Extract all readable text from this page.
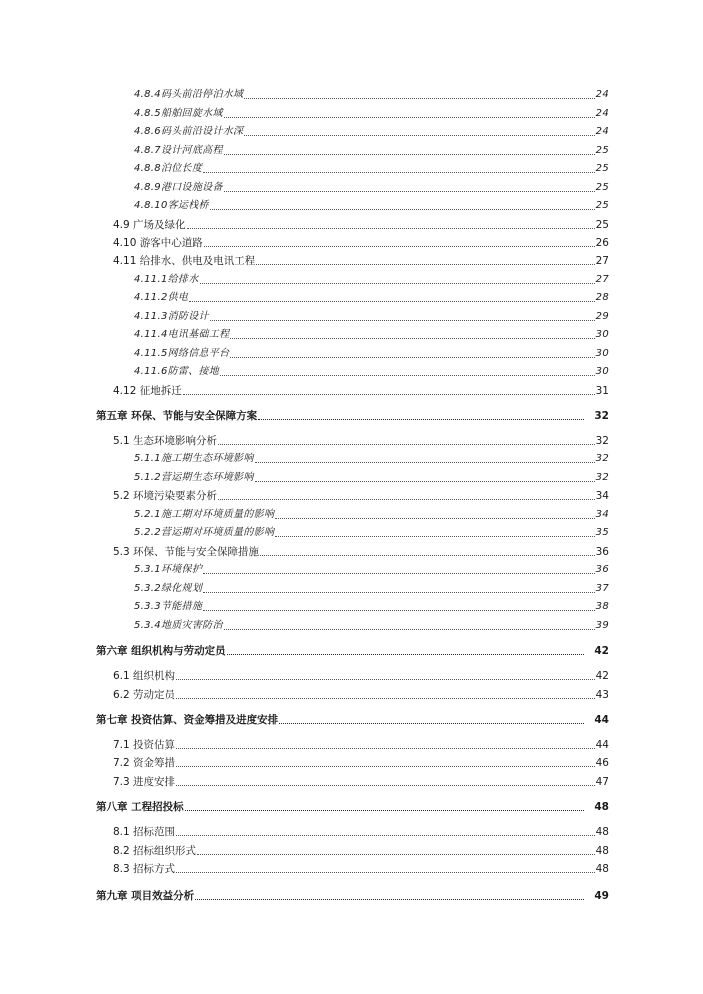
4.8.4码头前沿停泊水域	24
4.8.5船舶回旋水域	24
4.8.6码头前沿设计水深	24
4.8.7设计河底高程	25
4.8.8泊位长度	25
4.8.9港口设施设备	25
4.8.10客运栈桥	25
4.9 广场及绿化	25
4.10 游客中心道路	26
4.11 给排水、供电及电讯工程	27
4.11.1给排水	27
4.11.2供电	28
4.11.3消防设计	29
4.11.4电讯基础工程	30
4.11.5网络信息平台	30
4.11.6防雷、接地	30
4.12 征地拆迁	31
第五章 环保、节能与安全保障方案	32
5.1 生态环境影响分析	32
5.1.1施工期生态环境影响	32
5.1.2营运期生态环境影响	32
5.2 环境污染要素分析	34
5.2.1施工期对环境质量的影响	34
5.2.2营运期对环境质量的影响	35
5.3 环保、节能与安全保障措施	36
5.3.1环境保护	36
5.3.2绿化规划	37
5.3.3节能措施	38
5.3.4地质灾害防治	39
第六章 组织机构与劳动定员	42
6.1 组织机构	42
6.2 劳动定员	43
第七章 投资估算、资金筹措及进度安排	44
7.1 投资估算	44
7.2 资金筹措	46
7.3 进度安排	47
第八章 工程招投标	48
8.1 招标范围	48
8.2 招标组织形式	48
8.3 招标方式	48
第九章 项目效益分析	49
